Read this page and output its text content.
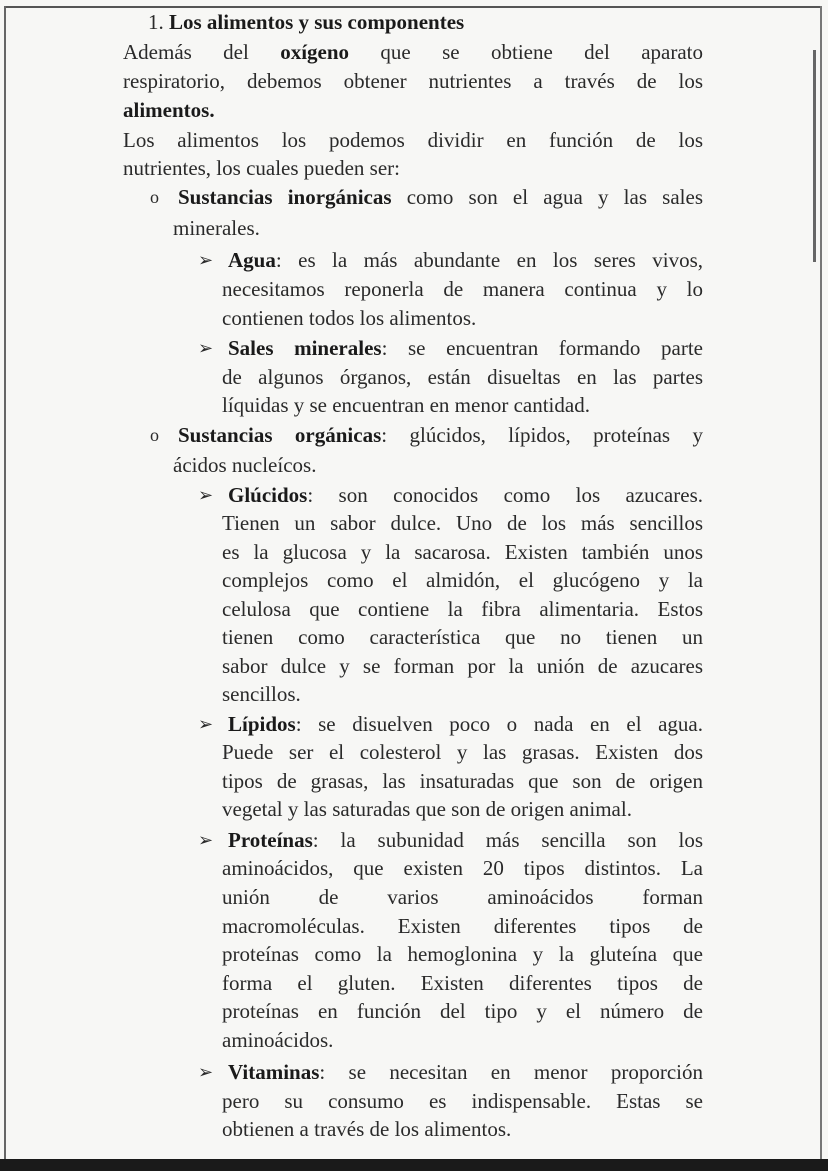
1. Los alimentos y sus componentes
Además del oxígeno que se obtiene del aparato
respiratorio, debemos obtener nutrientes a través de los
alimentos.
Los alimentos los podemos dividir en función de los
nutrientes, los cuales pueden ser:
o Sustancias inorgánicas como son el agua y las sales
minerales.
➢ Agua: es la más abundante en los seres vivos,
necesitamos reponerla de manera continua y lo
contienen todos los alimentos.
➢ Sales minerales: se encuentran formando parte
de algunos órganos, están disueltas en las partes
líquidas y se encuentran en menor cantidad.
o Sustancias orgánicas: glúcidos, lípidos, proteínas y
ácidos nucleícos.
➢ Glúcidos: son conocidos como los azucares.
Tienen un sabor dulce. Uno de los más sencillos
es la glucosa y la sacarosa. Existen también unos
complejos como el almidón, el glucógeno y la
celulosa que contiene la fibra alimentaria. Estos
tienen como característica que no tienen un
sabor dulce y se forman por la unión de azucares
sencillos.
➢ Lípidos: se disuelven poco o nada en el agua.
Puede ser el colesterol y las grasas. Existen dos
tipos de grasas, las insaturadas que son de origen
vegetal y las saturadas que son de origen animal.
➢ Proteínas: la subunidad más sencilla son los
aminoácidos, que existen 20 tipos distintos. La
unión de varios aminoácidos forman
macromoléculas. Existen diferentes tipos de
proteínas como la hemoglonina y la gluteína que
forma el gluten. Existen diferentes tipos de
proteínas en función del tipo y el número de
aminoácidos.
➢ Vitaminas: se necesitan en menor proporción
pero su consumo es indispensable. Estas se
obtienen a través de los alimentos.
